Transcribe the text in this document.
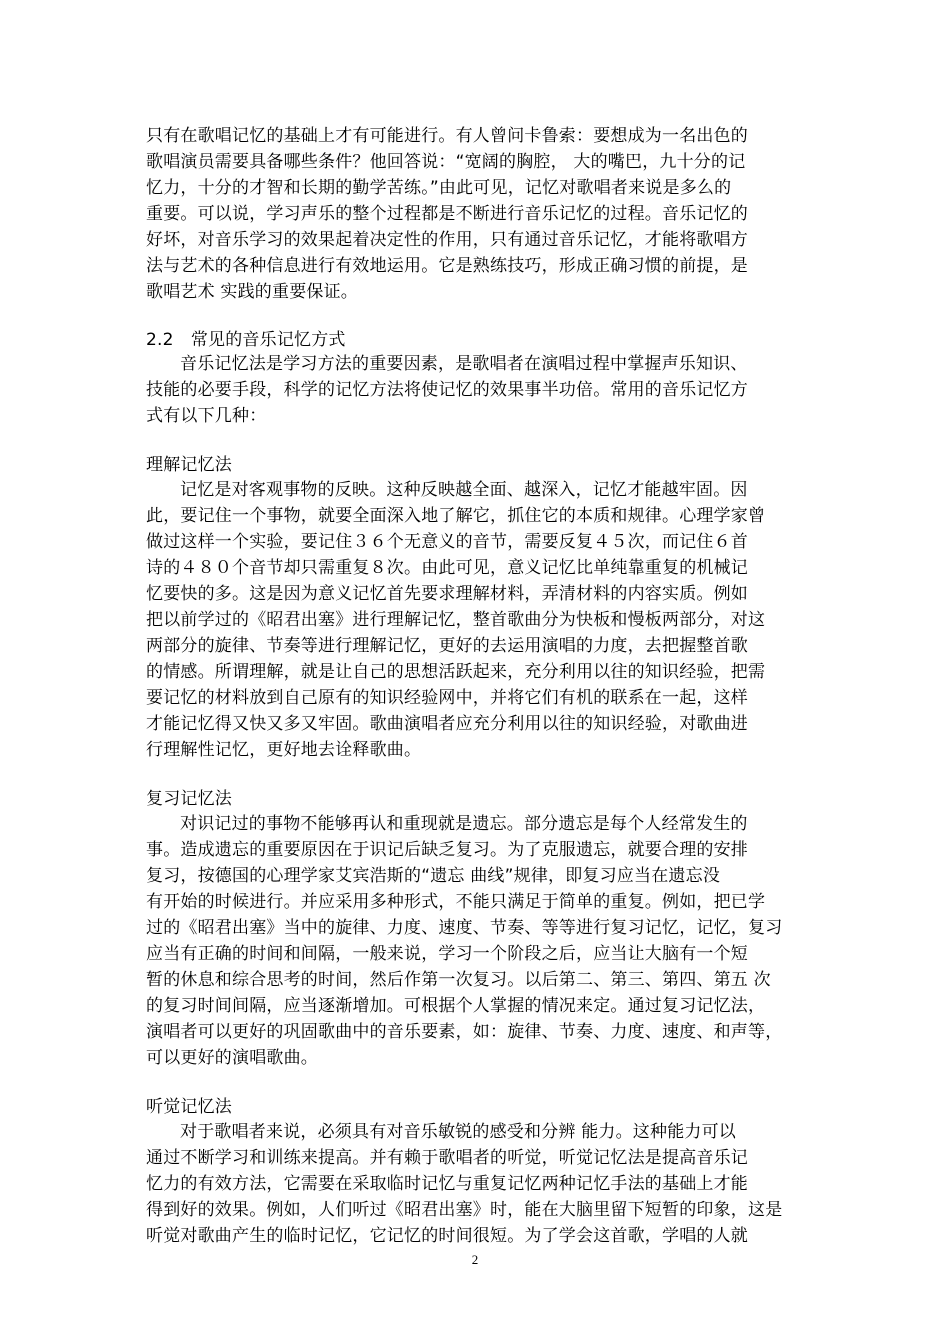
只有在歌唱记忆的基础上才有可能进行。有人曾问卡鲁索：要想成为一名出色的
歌唱演员需要具备哪些条件？他回答说：“宽阔的胸腔， 大的嘴巴，九十分的记
忆力，十分的才智和长期的勤学苦练。”由此可见，记忆对歌唱者来说是多么的
重要。可以说，学习声乐的整个过程都是不断进行音乐记忆的过程。音乐记忆的
好坏，对音乐学习的效果起着决定性的作用，只有通过音乐记忆，才能将歌唱方
法与艺术的各种信息进行有效地运用。它是熟练技巧，形成正确习惯的前提，是
歌唱艺术 实践的重要保证。
2.2　常见的音乐记忆方式
音乐记忆法是学习方法的重要因素，是歌唱者在演唱过程中掌握声乐知识、
技能的必要手段，科学的记忆方法将使记忆的效果事半功倍。常用的音乐记忆方
式有以下几种：
理解记忆法
记忆是对客观事物的反映。这种反映越全面、越深入，记忆才能越牢固。因
此，要记住一个事物，就要全面深入地了解它，抓住它的本质和规律。心理学家曾
做过这样一个实验，要记住３６个无意义的音节，需要反复４５次，而记住６首
诗的４８０个音节却只需重复８次。由此可见，意义记忆比单纯靠重复的机械记
忆要快的多。这是因为意义记忆首先要求理解材料，弄清材料的内容实质。例如
把以前学过的《昭君出塞》进行理解记忆，整首歌曲分为快板和慢板两部分，对这
两部分的旋律、节奏等进行理解记忆，更好的去运用演唱的力度，去把握整首歌
的情感。所谓理解，就是让自己的思想活跃起来，充分利用以往的知识经验，把需
要记忆的材料放到自己原有的知识经验网中，并将它们有机的联系在一起，这样
才能记忆得又快又多又牢固。歌曲演唱者应充分利用以往的知识经验，对歌曲进
行理解性记忆，更好地去诠释歌曲。
复习记忆法
对识记过的事物不能够再认和重现就是遗忘。部分遗忘是每个人经常发生的
事。造成遗忘的重要原因在于识记后缺乏复习。为了克服遗忘，就要合理的安排
复习，按德国的心理学家艾宾浩斯的“遗忘 曲线”规律，即复习应当在遗忘没
有开始的时候进行。并应采用多种形式，不能只满足于简单的重复。例如，把已学
过的《昭君出塞》当中的旋律、力度、速度、节奏、等等进行复习记忆，记忆，复习
应当有正确的时间和间隔，一般来说，学习一个阶段之后，应当让大脑有一个短
暂的休息和综合思考的时间，然后作第一次复习。以后第二、第三、第四、第五 次
的复习时间间隔，应当逐渐增加。可根据个人掌握的情况来定。通过复习记忆法，
演唱者可以更好的巩固歌曲中的音乐要素，如：旋律、节奏、力度、速度、和声等，
可以更好的演唱歌曲。
听觉记忆法
对于歌唱者来说，必须具有对音乐敏锐的感受和分辨 能力。这种能力可以
通过不断学习和训练来提高。并有赖于歌唱者的听觉，听觉记忆法是提高音乐记
忆力的有效方法，它需要在采取临时记忆与重复记忆两种记忆手法的基础上才能
得到好的效果。例如，人们听过《昭君出塞》时，能在大脑里留下短暂的印象，这是
听觉对歌曲产生的临时记忆，它记忆的时间很短。为了学会这首歌，学唱的人就
2
